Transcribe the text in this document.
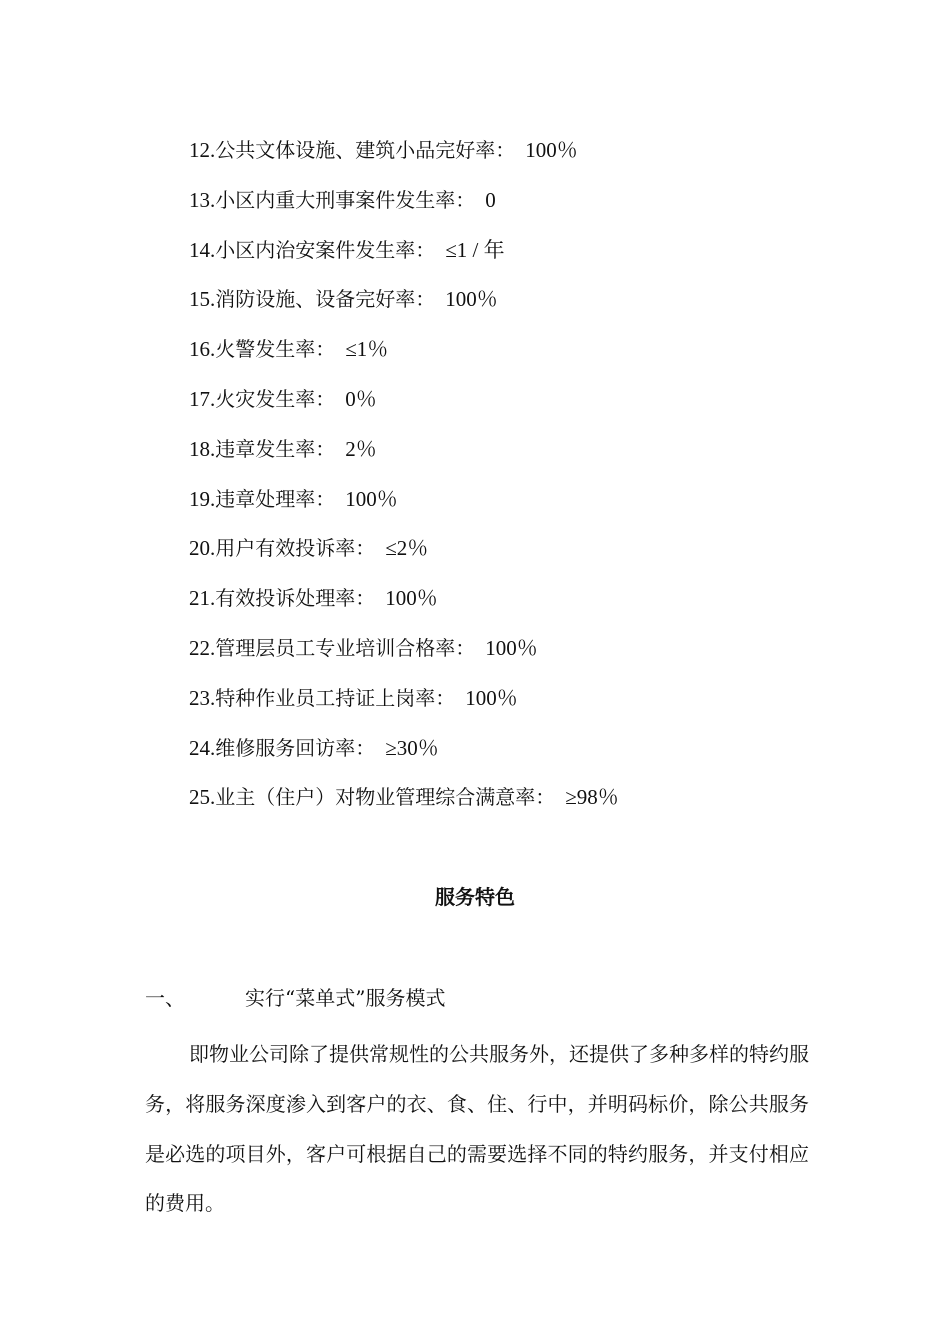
12.公共文体设施、建筑小品完好率： 100％
13.小区内重大刑事案件发生率： 0
14.小区内治安案件发生率： ≤1 / 年
15.消防设施、设备完好率： 100％
16.火警发生率： ≤1％
17.火灾发生率： 0％
18.违章发生率： 2％
19.违章处理率： 100％
20.用户有效投诉率： ≤2％
21.有效投诉处理率： 100％
22.管理层员工专业培训合格率： 100％
23.特种作业员工持证上岗率： 100％
24.维修服务回访率： ≥30％
25.业主（住户）对物业管理综合满意率： ≥98％
服务特色
一、	实行“菜单式”服务模式

即物业公司除了提供常规性的公共服务外，还提供了多种多样的特约服务，将服务深度渗入到客户的衣、食、住、行中，并明码标价，除公共服务是必选的项目外，客户可根据自己的需要选择不同的特约服务，并支付相应的费用。
